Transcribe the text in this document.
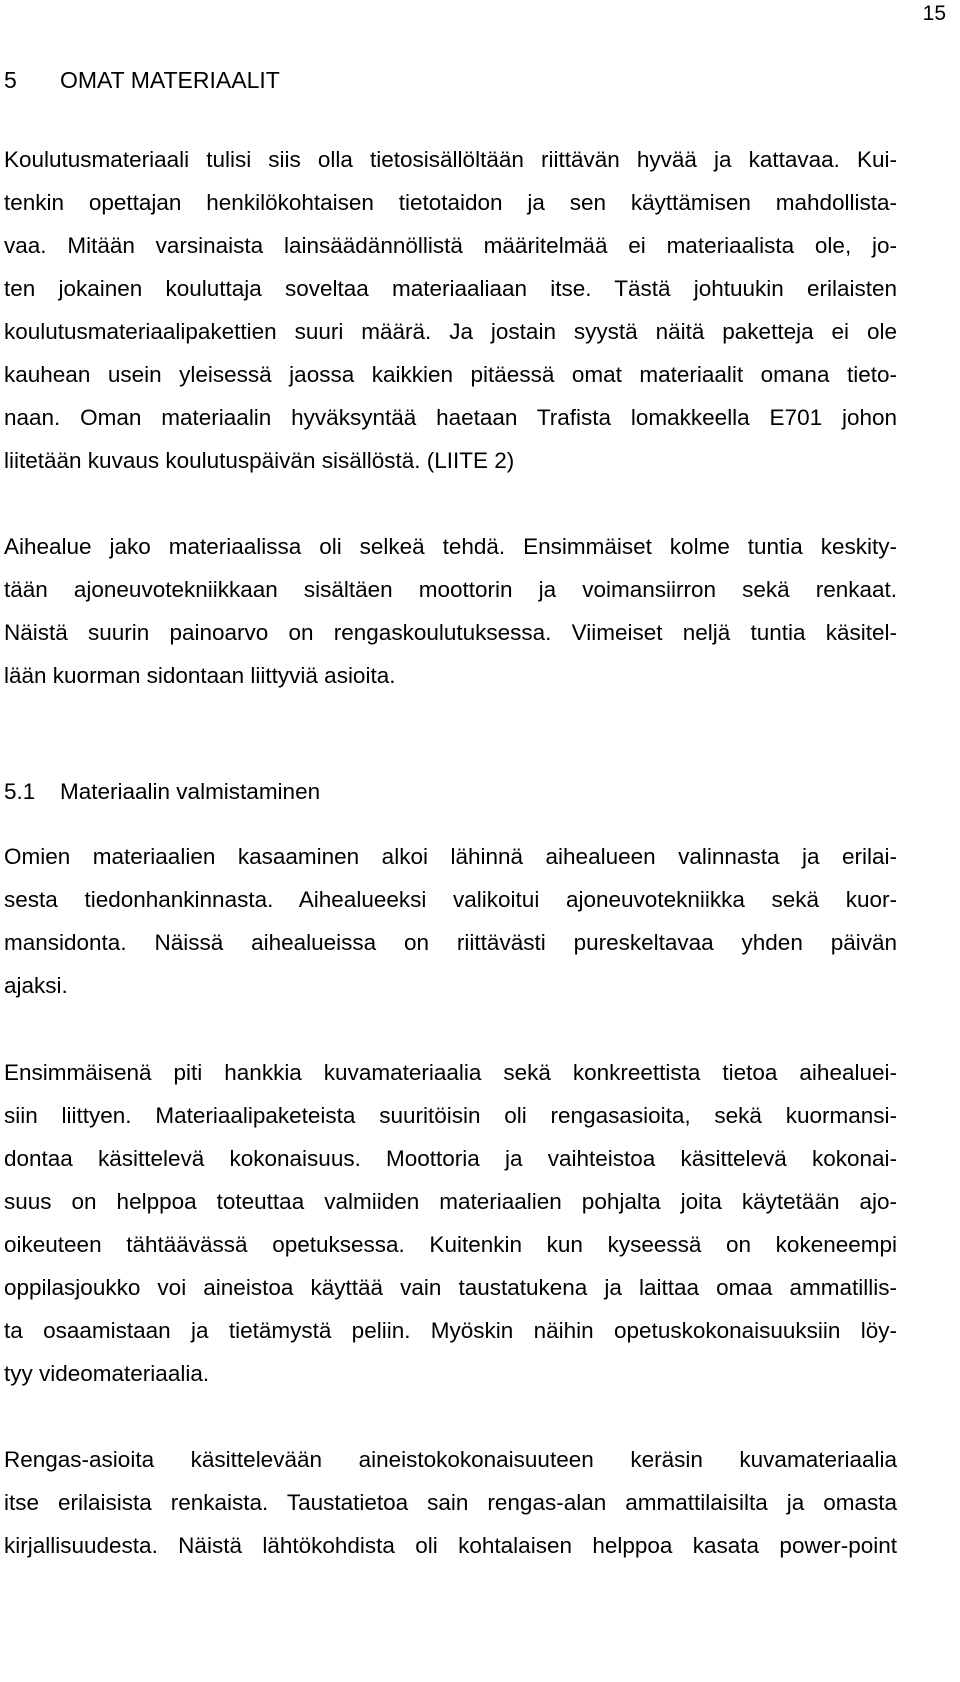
15
5 OMAT MATERIAALIT
Koulutusmateriaali tulisi siis olla tietosisällöltään riittävän hyvää ja kattavaa. Kui-
tenkin opettajan henkilökohtaisen tietotaidon ja sen käyttämisen mahdollista-
vaa. Mitään varsinaista lainsäädännöllistä määritelmää ei materiaalista ole, jo-
ten jokainen kouluttaja soveltaa materiaaliaan itse. Tästä johtuukin erilaisten
koulutusmateriaalipakettien suuri määrä. Ja jostain syystä näitä paketteja ei ole
kauhean usein yleisessä jaossa kaikkien pitäessä omat materiaalit omana tieto-
naan. Oman materiaalin hyväksyntää haetaan Trafista lomakkeella E701 johon
liitetään kuvaus koulutuspäivän sisällöstä. (LIITE 2)
Aihealue jako materiaalissa oli selkeä tehdä. Ensimmäiset kolme tuntia keskity-
tään ajoneuvotekniikkaan sisältäen moottorin ja voimansiirron sekä renkaat.
Näistä suurin painoarvo on rengaskoulutuksessa. Viimeiset neljä tuntia käsitel-
lään kuorman sidontaan liittyviä asioita.
5.1 Materiaalin valmistaminen
Omien materiaalien kasaaminen alkoi lähinnä aihealueen valinnasta ja erilai-
sesta tiedonhankinnasta. Aihealueeksi valikoitui ajoneuvotekniikka sekä kuor-
mansidonta. Näissä aihealueissa on riittävästi pureskeltavaa yhden päivän
ajaksi.
Ensimmäisenä piti hankkia kuvamateriaalia sekä konkreettista tietoa aihealuei-
siin liittyen. Materiaalipaketeista suuritöisin oli rengasasioita, sekä kuormansi-
dontaa käsittelevä kokonaisuus. Moottoria ja vaihteistoa käsittelevä kokonai-
suus on helppoa toteuttaa valmiiden materiaalien pohjalta joita käytetään ajo-
oikeuteen tähtäävässä opetuksessa. Kuitenkin kun kyseessä on kokeneempi
oppilasjoukko voi aineistoa käyttää vain taustatukena ja laittaa omaa ammatillis-
ta osaamistaan ja tietämystä peliin. Myöskin näihin opetuskokonaisuuksiin löy-
tyy videomateriaalia.
Rengas-asioita käsittelevään aineistokokonaisuuteen keräsin kuvamateriaalia
itse erilaisista renkaista. Taustatietoa sain rengas-alan ammattilaisilta ja omasta
kirjallisuudesta. Näistä lähtökohdista oli kohtalaisen helppoa kasata power-point
